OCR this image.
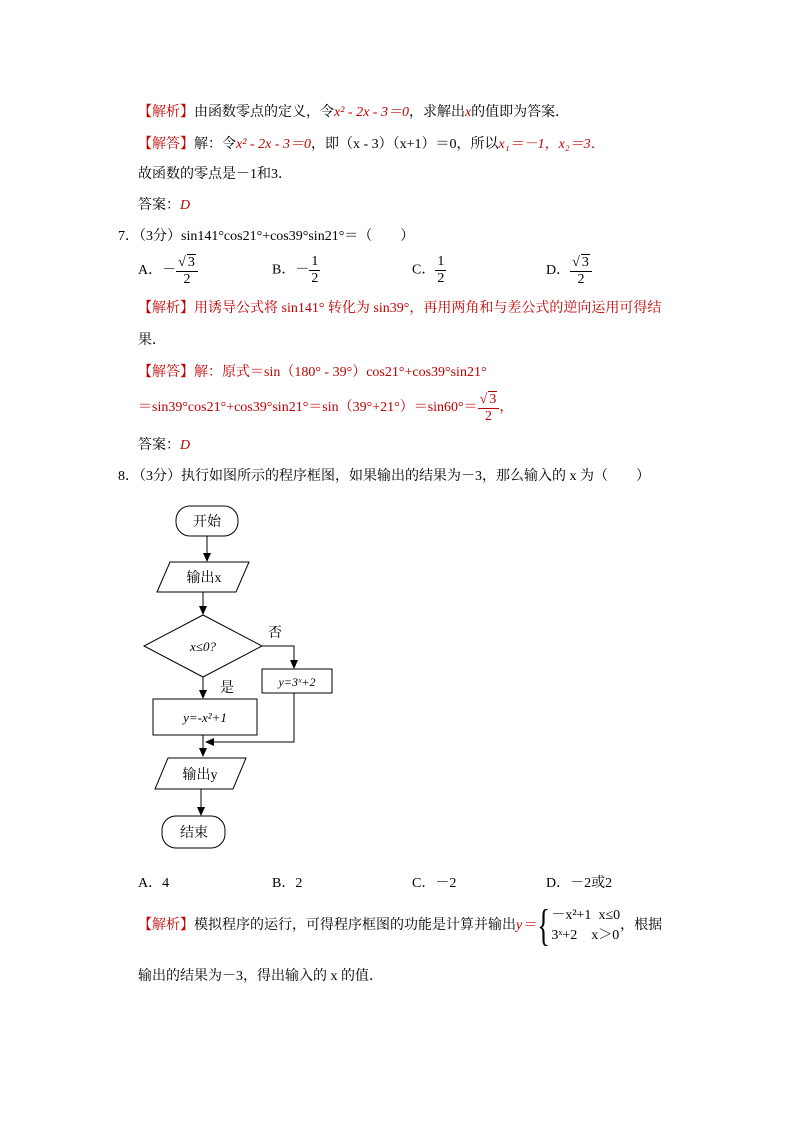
【解析】由函数零点的定义，令x² - 2x - 3＝0，求解出x的值即为答案．
【解答】解：令x² - 2x - 3＝0，即（x - 3）（x+1）＝0，所以x₁＝－1，x₂＝3．
故函数的零点是－1和3．
答案：D
7．（3分）sin141°cos21°+cos39°sin21°＝（　　）
A．－ $\frac{√ 3}{2}$	B．－ $\frac{1}{2}$	C． $\frac{1}{2}$	D． $\frac{√ 3}{2}$
【解析】用诱导公式将 sin141° 转化为 sin39°，再用两角和与差公式的逆向运用可得结
果．
【解答】解：原式＝sin（180° - 39°）cos21°+cos39°sin21°
$=\sin 39^\circ\cos 21^\circ+\cos 39^\circ\sin 21^\circ=\sin(39^\circ+21^\circ)=\sin 60^\circ= \frac{√ 3}{2}$ ，
答案：D
8．（3分）执行如图所示的程序框图，如果输出的结果为－3，那么输入的 x 为（　　）
开始
输出x
x≤0?
否
y=3ˣ+2
是
y=-x²+1
输出y
结束
A．4	B．2	C．－2	D．－2或2
【解析】模拟程序的运行，可得程序框图的功能是计算并输出y＝{ －x²+1 x≤0
3ˣ+2 x＞0
，根据
输出的结果为－3，得出输入的 x 的值．
